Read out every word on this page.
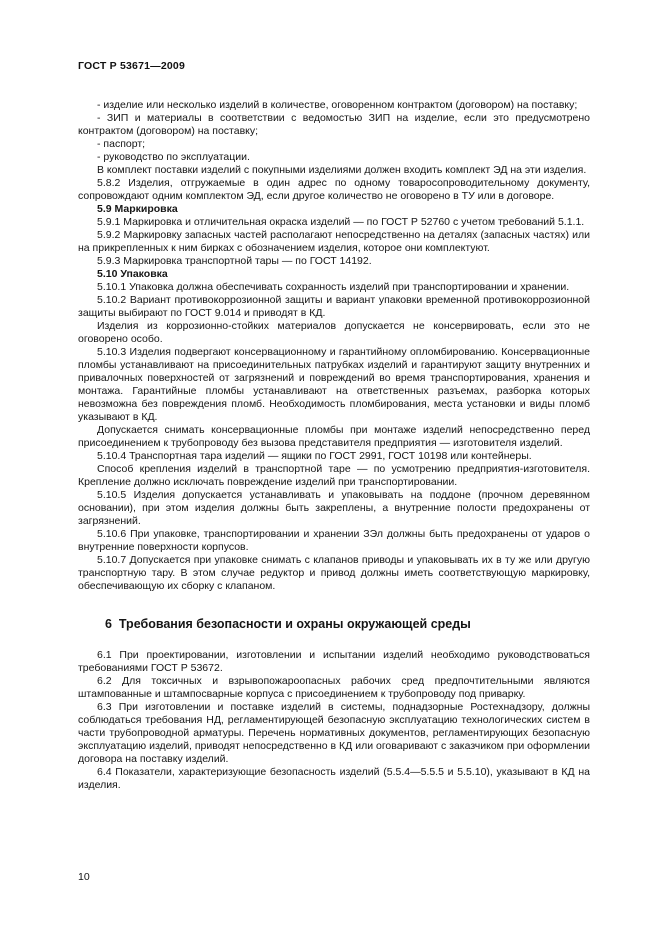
ГОСТ Р 53671—2009

- изделие или несколько изделий в количестве, оговоренном контрактом (договором) на поставку;

- ЗИП и материалы в соответствии с ведомостью ЗИП на изделие, если это предусмотрено контрактом (договором) на поставку;

- паспорт;

- руководство по эксплуатации.

В комплект поставки изделий с покупными изделиями должен входить комплект ЭД на эти изделия.

5.8.2 Изделия, отгружаемые в один адрес по одному товаросопроводительному документу, сопровождают одним комплектом ЭД, если другое количество не оговорено в ТУ или в договоре.

5.9 Маркировка

5.9.1 Маркировка и отличительная окраска изделий — по ГОСТ Р 52760 с учетом требований 5.1.1.

5.9.2 Маркировку запасных частей располагают непосредственно на деталях (запасных частях) или на прикрепленных к ним бирках с обозначением изделия, которое они комплектуют.

5.9.3 Маркировка транспортной тары — по ГОСТ 14192.

5.10 Упаковка

5.10.1 Упаковка должна обеспечивать сохранность изделий при транспортировании и хранении.

5.10.2 Вариант противокоррозионной защиты и вариант упаковки временной противокоррозионной защиты выбирают по ГОСТ 9.014 и приводят в КД.

Изделия из коррозионно-стойких материалов допускается не консервировать, если это не оговорено особо.

5.10.3 Изделия подвергают консервационному и гарантийному опломбированию. Консервационные пломбы устанавливают на присоединительных патрубках изделий и гарантируют защиту внутренних и привалочных поверхностей от загрязнений и повреждений во время транспортирования, хранения и монтажа. Гарантийные пломбы устанавливают на ответственных разъемах, разборка которых невозможна без повреждения пломб. Необходимость пломбирования, места установки и виды пломб указывают в КД.

Допускается снимать консервационные пломбы при монтаже изделий непосредственно перед присоединением к трубопроводу без вызова представителя предприятия — изготовителя изделий.

5.10.4 Транспортная тара изделий — ящики по ГОСТ 2991, ГОСТ 10198 или контейнеры.

Способ крепления изделий в транспортной таре — по усмотрению предприятия-изготовителя. Крепление должно исключать повреждение изделий при транспортировании.

5.10.5 Изделия допускается устанавливать и упаковывать на поддоне (прочном деревянном основании), при этом изделия должны быть закреплены, а внутренние полости предохранены от загрязнений.

5.10.6 При упаковке, транспортировании и хранении ЗЭл должны быть предохранены от ударов о внутренние поверхности корпусов.

5.10.7 Допускается при упаковке снимать с клапанов приводы и упаковывать их в ту же или другую транспортную тару. В этом случае редуктор и привод должны иметь соответствующую маркировку, обеспечивающую их сборку с клапаном.

6  Требования безопасности и охраны окружающей среды

6.1 При проектировании, изготовлении и испытании изделий необходимо руководствоваться требованиями ГОСТ Р 53672.

6.2 Для токсичных и взрывопожароопасных рабочих сред предпочтительными являются штампованные и штампосварные корпуса с присоединением к трубопроводу под приварку.

6.3 При изготовлении и поставке изделий в системы, поднадзорные Ростехнадзору, должны соблюдаться требования НД, регламентирующей безопасную эксплуатацию технологических систем в части трубопроводной арматуры. Перечень нормативных документов, регламентирующих безопасную эксплуатацию изделий, приводят непосредственно в КД или оговаривают с заказчиком при оформлении договора на поставку изделий.

6.4 Показатели, характеризующие безопасность изделий (5.5.4—5.5.5 и 5.5.10), указывают в КД на изделия.

10
